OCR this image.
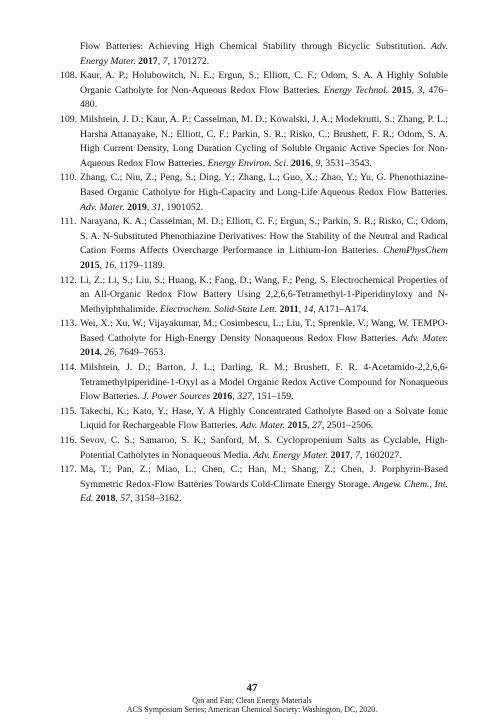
Flow Batteries: Achieving High Chemical Stability through Bicyclic Substitution. Adv. Energy Mater. 2017, 7, 1701272.
108. Kaur, A. P.; Holubowitch, N. E.; Ergun, S.; Elliott, C. F.; Odom, S. A. A Highly Soluble Organic Catholyte for Non-Aqueous Redox Flow Batteries. Energy Technol. 2015, 3, 476–480.
109. Milshtein, J. D.; Kaur, A. P.; Casselman, M. D.; Kowalski, J. A.; Modekrutti, S.; Zhang, P. L.; Harsha Attanayake, N.; Elliott, C. F.; Parkin, S. R.; Risko, C.; Brushett, F. R.; Odom, S. A. High Current Density, Long Duration Cycling of Soluble Organic Active Species for Non-Aqueous Redox Flow Batteries. Energy Environ. Sci. 2016, 9, 3531–3543.
110. Zhang, C.; Niu, Z.; Peng, S.; Ding, Y.; Zhang, L.; Guo, X.; Zhao, Y.; Yu, G. Phenothiazine-Based Organic Catholyte for High-Capacity and Long-Life Aqueous Redox Flow Batteries. Adv. Mater. 2019, 31, 1901052.
111. Narayana, K. A.; Casselman, M. D.; Elliott, C. F.; Ergun, S.; Parkin, S. R.; Risko, C.; Odom, S. A. N-Substituted Phenothiazine Derivatives: How the Stability of the Neutral and Radical Cation Forms Affects Overcharge Performance in Lithium-Ion Batteries. ChemPhysChem 2015, 16, 1179–1189.
112. Li, Z.; Li, S.; Liu, S.; Huang, K.; Fang, D.; Wang, F.; Peng, S. Electrochemical Properties of an All-Organic Redox Flow Battery Using 2,2,6,6-Tetramethyl-1-Piperidinyloxy and N-Methylphthalimide. Electrochem. Solid-State Lett. 2011, 14, A171–A174.
113. Wei, X.; Xu, W.; Vijayakumar, M.; Cosimbescu, L.; Liu, T.; Sprenkle, V.; Wang, W. TEMPO-Based Catholyte for High-Energy Density Nonaqueous Redox Flow Batteries. Adv. Mater. 2014, 26, 7649–7653.
114. Milshtein, J. D.; Barton, J. L.; Darling, R. M.; Brushett, F. R. 4-Acetamido-2,2,6,6-Tetramethylpiperidine-1-Oxyl as a Model Organic Redox Active Compound for Nonaqueous Flow Batteries. J. Power Sources 2016, 327, 151–159.
115. Takechi, K.; Kato, Y.; Hase, Y. A Highly Concentrated Catholyte Based on a Solvate Ionic Liquid for Rechargeable Flow Batteries. Adv. Mater. 2015, 27, 2501–2506.
116. Sevov, C. S.; Samaroo, S. K.; Sanford, M. S. Cyclopropenium Salts as Cyclable, High-Potential Catholytes in Nonaqueous Media. Adv. Energy Mater. 2017, 7, 1602027.
117. Ma, T.; Pan, Z.; Miao, L.; Chen, C.; Han, M.; Shang, Z.; Chen, J. Porphyrin-Based Symmetric Redox-Flow Batteries Towards Cold-Climate Energy Storage. Angew. Chem., Int. Ed. 2018, 57, 3158–3162.
47
Qin and Fan; Clean Energy Materials
ACS Symposium Series; American Chemical Society: Washington, DC, 2020.
